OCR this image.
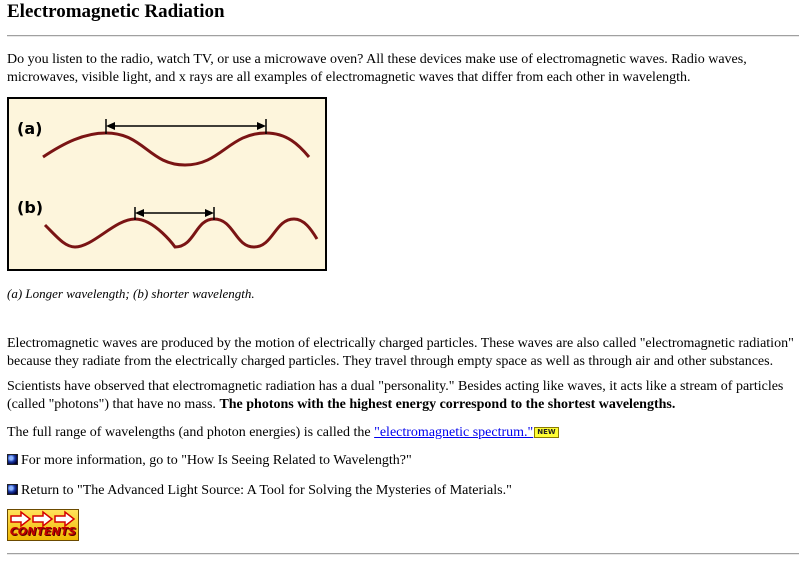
Electromagnetic Radiation

Do you listen to the radio, watch TV, or use a microwave oven? All these devices make use of electromagnetic waves. Radio waves, microwaves, visible light, and x rays are all examples of electromagnetic waves that differ from each other in wavelength.

(a)
(b)

(a) Longer wavelength; (b) shorter wavelength.

Electromagnetic waves are produced by the motion of electrically charged particles. These waves are also called "electromagnetic radiation" because they radiate from the electrically charged particles. They travel through empty space as well as through air and other substances.

Scientists have observed that electromagnetic radiation has a dual "personality." Besides acting like waves, it acts like a stream of particles (called "photons") that have no mass. The photons with the highest energy correspond to the shortest wavelengths.

The full range of wavelengths (and photon energies) is called the "electromagnetic spectrum." NEW

For more information, go to "How Is Seeing Related to Wavelength?"

Return to "The Advanced Light Source: A Tool for Solving the Mysteries of Materials."

CONTENTS
